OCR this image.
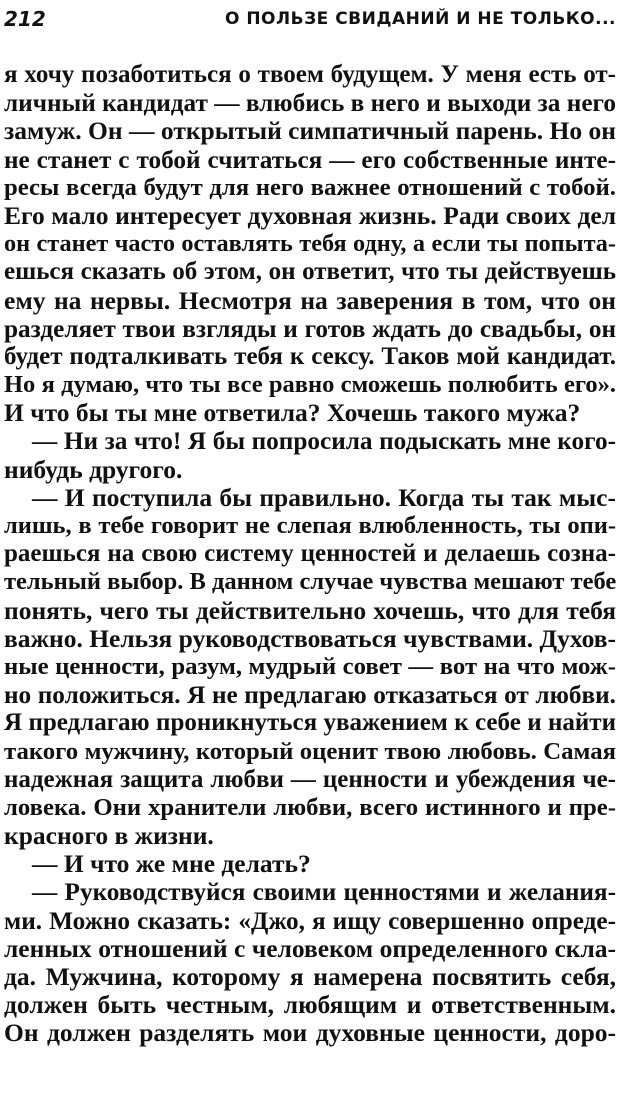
212	О ПОЛЬЗЕ СВИДАНИЙ И НЕ ТОЛЬКО...
я хочу позаботиться о твоем будущем. У меня есть от-
личный кандидат — влюбись в него и выходи за него
замуж. Он — открытый симпатичный парень. Но он
не станет с тобой считаться — его собственные инте-
ресы всегда будут для него важнее отношений с тобой.
Его мало интересует духовная жизнь. Ради своих дел
он станет часто оставлять тебя одну, а если ты попыта-
ешься сказать об этом, он ответит, что ты действуешь
ему на нервы. Несмотря на заверения в том, что он
разделяет твои взгляды и готов ждать до свадьбы, он
будет подталкивать тебя к сексу. Таков мой кандидат.
Но я думаю, что ты все равно сможешь полюбить его».
И что бы ты мне ответила? Хочешь такого мужа?
— Ни за что! Я бы попросила подыскать мне кого-
нибудь другого.
— И поступила бы правильно. Когда ты так мыс-
лишь, в тебе говорит не слепая влюбленность, ты опи-
раешься на свою систему ценностей и делаешь созна-
тельный выбор. В данном случае чувства мешают тебе
понять, чего ты действительно хочешь, что для тебя
важно. Нельзя руководствоваться чувствами. Духов-
ные ценности, разум, мудрый совет — вот на что мож-
но положиться. Я не предлагаю отказаться от любви.
Я предлагаю проникнуться уважением к себе и найти
такого мужчину, который оценит твою любовь. Самая
надежная защита любви — ценности и убеждения че-
ловека. Они хранители любви, всего истинного и пре-
красного в жизни.
— И что же мне делать?
— Руководствуйся своими ценностями и желания-
ми. Можно сказать: «Джо, я ищу совершенно опреде-
ленных отношений с человеком определенного скла-
да. Мужчина, которому я намерена посвятить себя,
должен быть честным, любящим и ответственным.
Он должен разделять мои духовные ценности, доро-
